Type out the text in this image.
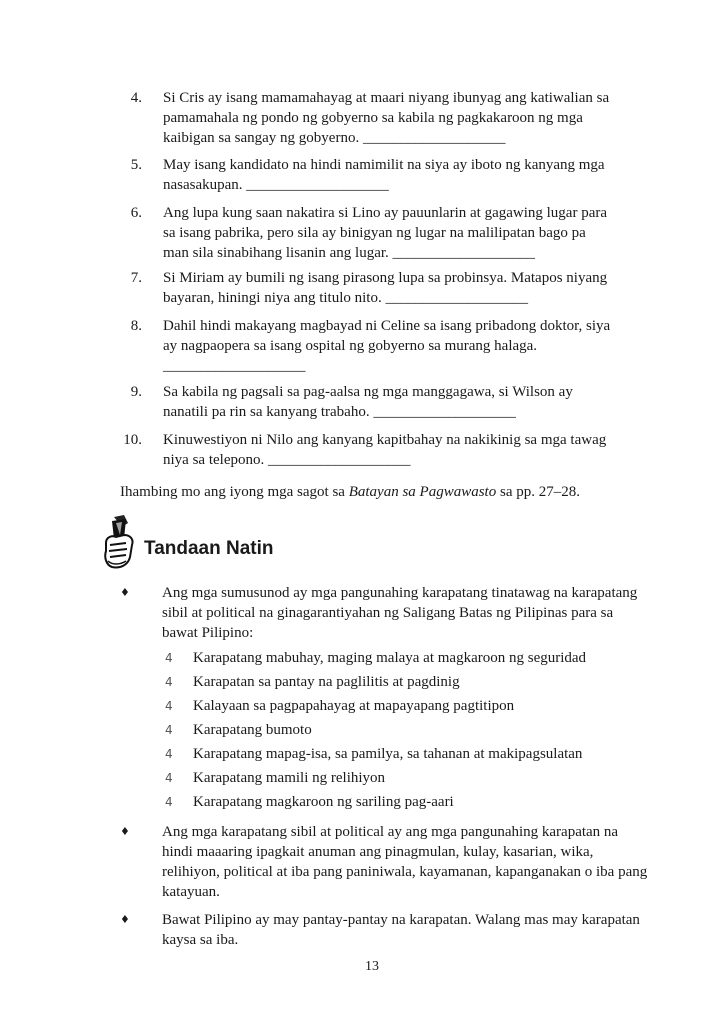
4. Si Cris ay isang mamamahayag at maari niyang ibunyag ang katiwalian sa
pamamahala ng pondo ng gobyerno sa kabila ng pagkakaroon ng mga
kaibigan sa sangay ng gobyerno. ___________________
5. May isang kandidato na hindi namimilit na siya ay iboto ng kanyang mga
nasasakupan. ___________________
6. Ang lupa kung saan nakatira si Lino ay pauunlarin at gagawing lugar para
sa isang pabrika, pero sila ay binigyan ng lugar na malilipatan bago pa
man sila sinabihang lisanin ang lugar. ___________________
7. Si Miriam ay bumili ng isang pirasong lupa sa probinsya. Matapos niyang
bayaran, hiningi niya ang titulo nito. ___________________
8. Dahil hindi makayang magbayad ni Celine sa isang pribadong doktor, siya
ay nagpaopera sa isang ospital ng gobyerno sa murang halaga.
___________________
9. Sa kabila ng pagsali sa pag-aalsa ng mga manggagawa, si Wilson ay
nanatili pa rin sa kanyang trabaho. ___________________
10. Kinuwestiyon ni Nilo ang kanyang kapitbahay na nakikinig sa mga tawag
niya sa telepono. ___________________
Ihambing mo ang iyong mga sagot sa Batayan sa Pagwawasto sa pp. 27–28.
Tandaan Natin
♦ Ang mga sumusunod ay mga pangunahing karapatang tinatawag na karapatang sibil at political na ginagarantiyahan ng Saligang Batas ng Pilipinas para sa bawat Pilipino:
4 Karapatang mabuhay, maging malaya at magkaroon ng seguridad
4 Karapatan sa pantay na paglilitis at pagdinig
4 Kalayaan sa pagpapahayag at mapayapang pagtitipon
4 Karapatang bumoto
4 Karapatang mapag-isa, sa pamilya, sa tahanan at makipagsulatan
4 Karapatang mamili ng relihiyon
4 Karapatang magkaroon ng sariling pag-aari
♦ Ang mga karapatang sibil at political ay ang mga pangunahing karapatan na hindi maaaring ipagkait anuman ang pinagmulan, kulay, kasarian, wika, relihiyon, political at iba pang paniniwala, kayamanan, kapanganakan o iba pang katayuan.
♦ Bawat Pilipino ay may pantay-pantay na karapatan. Walang mas may karapatan kaysa sa iba.
13
